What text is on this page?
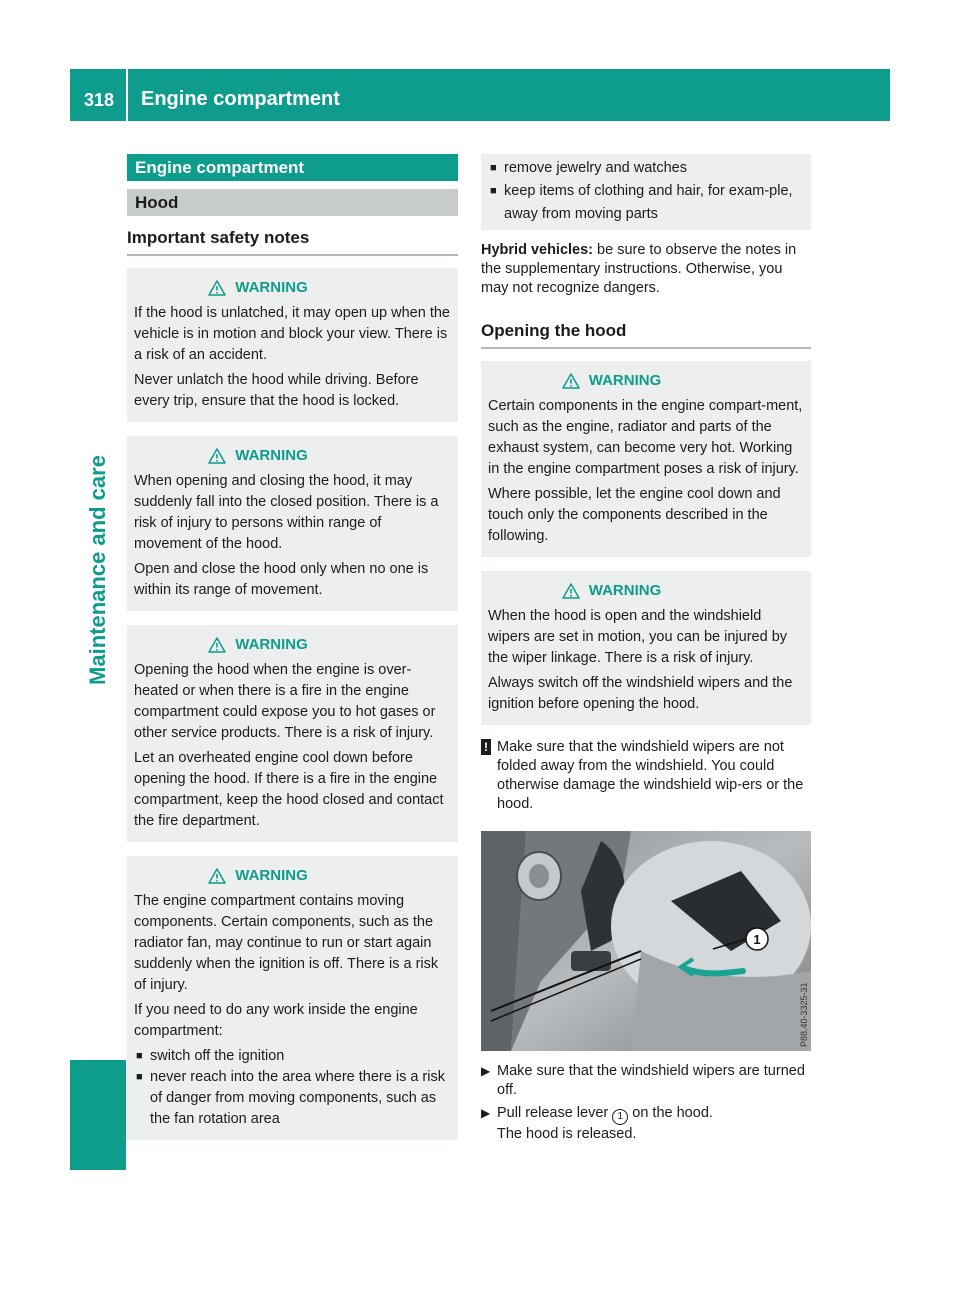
318 Engine compartment
Maintenance and care
Engine compartment
Hood
Important safety notes
WARNING

If the hood is unlatched, it may open up when the vehicle is in motion and block your view. There is a risk of an accident.

Never unlatch the hood while driving. Before every trip, ensure that the hood is locked.

WARNING

When opening and closing the hood, it may suddenly fall into the closed position. There is a risk of injury to persons within range of movement of the hood.

Open and close the hood only when no one is within its range of movement.

WARNING

Opening the hood when the engine is over-heated or when there is a fire in the engine compartment could expose you to hot gases or other service products. There is a risk of injury.

Let an overheated engine cool down before opening the hood. If there is a fire in the engine compartment, keep the hood closed and contact the fire department.

WARNING

The engine compartment contains moving components. Certain components, such as the radiator fan, may continue to run or start again suddenly when the ignition is off. There is a risk of injury.

If you need to do any work inside the engine compartment:

■ switch off the ignition
■ never reach into the area where there is a risk of danger from moving components, such as the fan rotation area
■ remove jewelry and watches
■ keep items of clothing and hair, for exam-ple, away from moving parts
Hybrid vehicles: be sure to observe the notes in the supplementary instructions. Otherwise, you may not recognize dangers.
Opening the hood
WARNING

Certain components in the engine compart-ment, such as the engine, radiator and parts of the exhaust system, can become very hot. Working in the engine compartment poses a risk of injury.

Where possible, let the engine cool down and touch only the components described in the following.

WARNING

When the hood is open and the windshield wipers are set in motion, you can be injured by the wiper linkage. There is a risk of injury.

Always switch off the windshield wipers and the ignition before opening the hood.

! Make sure that the windshield wipers are not folded away from the windshield. You could otherwise damage the windshield wip-ers or the hood.
1
P88.40-3325-31
▶ Make sure that the windshield wipers are turned off.
▶ Pull release lever 1 on the hood.
The hood is released.
